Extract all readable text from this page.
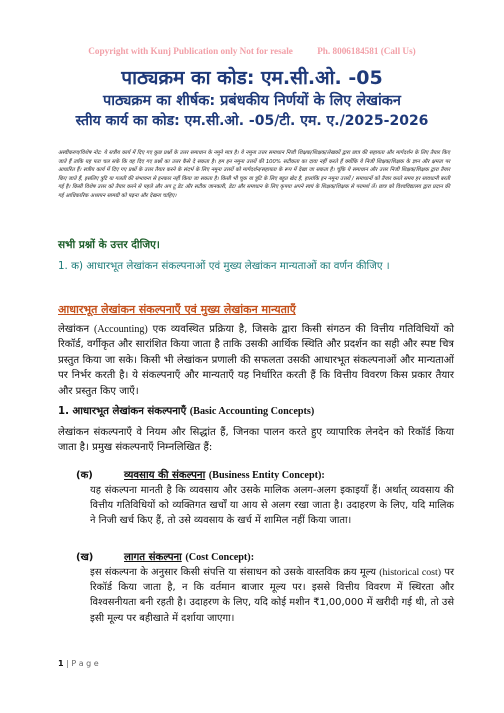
Copyright with Kunj Publication only Not for resale	Ph. 8006184581 (Call Us)
पाठ्यक्रम का कोड: एम.सी.ओ. -05
पाठ्यक्रम का शीर्षक: प्रबंधकीय निर्णयों के लिए लेखांकन
स्तीय कार्य का कोड: एम.सी.ओ. -05/टी. एम. ए./2025-2026
अस्वीकरण/विशेष नोट: ये सत्रीय कार्य में दिए गए कुछ प्रश्नों के उत्तर समाधान के नमूने मात्र है। ये नमूना उत्तर समाधान निजी शिक्षक/शिक्षक/लेखकों द्वारा छात्र की सहायता और मार्गदर्शन के लिए तैयार किए जाते हैं ताकि यह पता चल सके कि वह दिए गए प्रश्नों का उत्तर कैसे दे सकता है। हम इन नमूना उत्तरों की 100% सटीकता का दावा नहीं करते हैं क्योंकि ये निजी शिक्षक/शिक्षक के ज्ञान और क्षमता पर आधारित हैं। सत्रीय कार्य में दिए गए प्रश्नों के उत्तर तैयार करने के संदर्भ के लिए नमूना उत्तरों को मार्गदर्शन/सहायता के रूप में देखा जा सकता है। चूंकि ये समाधान और उत्तर निजी शिक्षक/शिक्षक द्वारा तैयार किए जाते हैं, इसलिए त्रुटि या गलती की संभावना से इनकार नहीं किया जा सकता है। किसी भी चूक या त्रुटि के लिए बहुत खेद है, हालांकि इन नमूना उत्तरों / समाधानों को तैयार करते समय हर सावधानी बरती गई है। किसी विशेष उत्तर को तैयार करने से पहले और अप टू डेट और सटीक जानकारी, डेटा और समाधान के लिए कृपया अपने स्वयं के शिक्षक/शिक्षक से परामर्श लें। छात्र को विश्वविद्यालय द्वारा प्रदान की गई आधिकारिक अध्ययन सामग्री को पढ़ना और देखना चाहिए।
सभी प्रश्नों के उत्तर दीजिए।
1. क) आधारभूत लेखांकन संकल्पनाओं एवं मुख्य लेखांकन मान्यताओं का वर्णन कीजिए ।
आधारभूत लेखांकन संकल्पनाएँ एवं मुख्य लेखांकन मान्यताएँ
लेखांकन (Accounting) एक व्यवस्थित प्रक्रिया है, जिसके द्वारा किसी संगठन की वित्तीय गतिविधियों को रिकॉर्ड, वर्गीकृत और सारांशित किया जाता है ताकि उसकी आर्थिक स्थिति और प्रदर्शन का सही और स्पष्ट चित्र प्रस्तुत किया जा सके। किसी भी लेखांकन प्रणाली की सफलता उसकी आधारभूत संकल्पनाओं और मान्यताओं पर निर्भर करती है। ये संकल्पनाएँ और मान्यताएँ यह निर्धारित करती हैं कि वित्तीय विवरण किस प्रकार तैयार और प्रस्तुत किए जाएँ।
1. आधारभूत लेखांकन संकल्पनाएँ (Basic Accounting Concepts)
लेखांकन संकल्पनाएँ वे नियम और सिद्धांत हैं, जिनका पालन करते हुए व्यापारिक लेनदेन को रिकॉर्ड किया जाता है। प्रमुख संकल्पनाएँ निम्नलिखित हैं:
(क)	व्यवसाय की संकल्पना (Business Entity Concept):
यह संकल्पना मानती है कि व्यवसाय और उसके मालिक अलग-अलग इकाइयाँ हैं। अर्थात् व्यवसाय की वित्तीय गतिविधियों को व्यक्तिगत खर्चों या आय से अलग रखा जाता है। उदाहरण के लिए, यदि मालिक ने निजी खर्च किए हैं, तो उसे व्यवसाय के खर्च में शामिल नहीं किया जाता।
(ख)	लागत संकल्पना (Cost Concept):
इस संकल्पना के अनुसार किसी संपत्ति या संसाधन को उसके वास्तविक क्रय मूल्य (historical cost) पर रिकॉर्ड किया जाता है, न कि वर्तमान बाजार मूल्य पर। इससे वित्तीय विवरण में स्थिरता और विश्वसनीयता बनी रहती है। उदाहरण के लिए, यदि कोई मशीन ₹1,00,000 में खरीदी गई थी, तो उसे इसी मूल्य पर बहीखाते में दर्शाया जाएगा।
1 | P a g e
